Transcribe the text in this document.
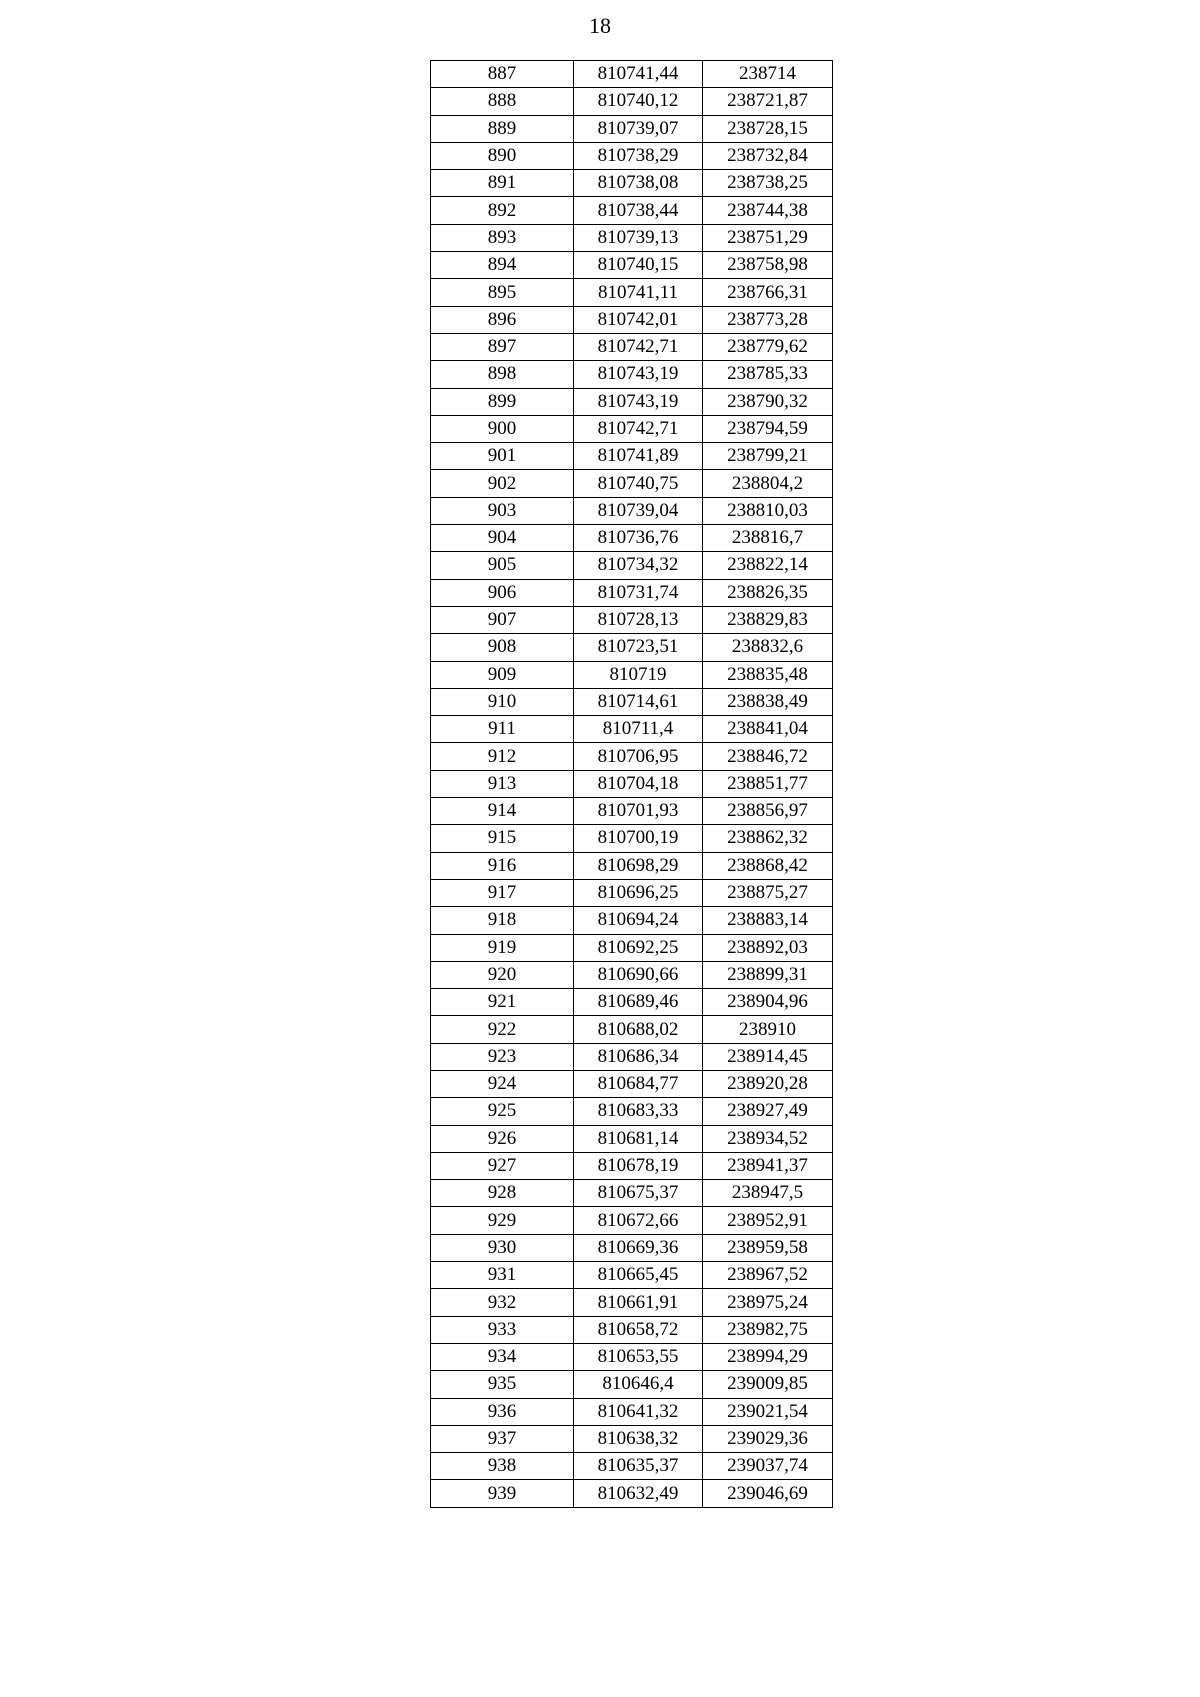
18
887	810741,44	238714
888	810740,12	238721,87
889	810739,07	238728,15
890	810738,29	238732,84
891	810738,08	238738,25
892	810738,44	238744,38
893	810739,13	238751,29
894	810740,15	238758,98
895	810741,11	238766,31
896	810742,01	238773,28
897	810742,71	238779,62
898	810743,19	238785,33
899	810743,19	238790,32
900	810742,71	238794,59
901	810741,89	238799,21
902	810740,75	238804,2
903	810739,04	238810,03
904	810736,76	238816,7
905	810734,32	238822,14
906	810731,74	238826,35
907	810728,13	238829,83
908	810723,51	238832,6
909	810719	238835,48
910	810714,61	238838,49
911	810711,4	238841,04
912	810706,95	238846,72
913	810704,18	238851,77
914	810701,93	238856,97
915	810700,19	238862,32
916	810698,29	238868,42
917	810696,25	238875,27
918	810694,24	238883,14
919	810692,25	238892,03
920	810690,66	238899,31
921	810689,46	238904,96
922	810688,02	238910
923	810686,34	238914,45
924	810684,77	238920,28
925	810683,33	238927,49
926	810681,14	238934,52
927	810678,19	238941,37
928	810675,37	238947,5
929	810672,66	238952,91
930	810669,36	238959,58
931	810665,45	238967,52
932	810661,91	238975,24
933	810658,72	238982,75
934	810653,55	238994,29
935	810646,4	239009,85
936	810641,32	239021,54
937	810638,32	239029,36
938	810635,37	239037,74
939	810632,49	239046,69
